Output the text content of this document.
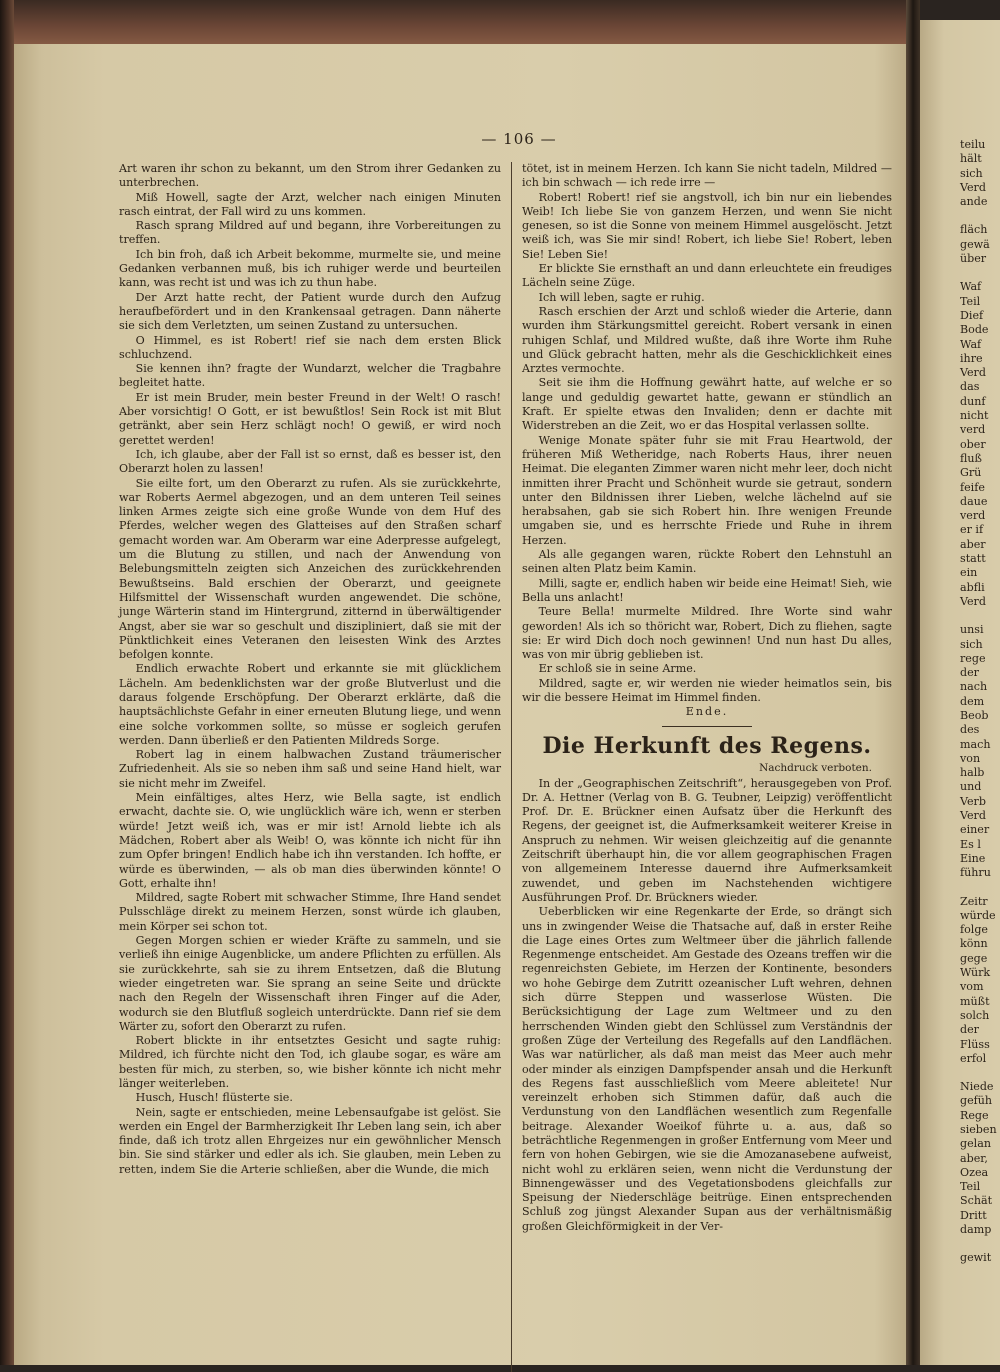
— 106 —

Art waren ihr schon zu bekannt, um den Strom ihrer Gedanken zu unterbrechen.

Miß Howell, sagte der Arzt, welcher nach einigen Minuten rasch eintrat, der Fall wird zu uns kommen.

Rasch sprang Mildred auf und begann, ihre Vorbereitungen zu treffen.

Ich bin froh, daß ich Arbeit bekomme, murmelte sie, und meine Gedanken verbannen muß, bis ich ruhiger werde und beurteilen kann, was recht ist und was ich zu thun habe.

Der Arzt hatte recht, der Patient wurde durch den Aufzug heraufbefördert und in den Krankensaal getragen. Dann näherte sie sich dem Verletzten, um seinen Zustand zu untersuchen.

O Himmel, es ist Robert! rief sie nach dem ersten Blick schluchzend.

Sie kennen ihn? fragte der Wundarzt, welcher die Tragbahre begleitet hatte.

Er ist mein Bruder, mein bester Freund in der Welt! O rasch! Aber vorsichtig! O Gott, er ist bewußtlos! Sein Rock ist mit Blut getränkt, aber sein Herz schlägt noch! O gewiß, er wird noch gerettet werden!

Ich, ich glaube, aber der Fall ist so ernst, daß es besser ist, den Oberarzt holen zu lassen!

Sie eilte fort, um den Oberarzt zu rufen. Als sie zurückkehrte, war Roberts Aermel abgezogen, und an dem unteren Teil seines linken Armes zeigte sich eine große Wunde von dem Huf des Pferdes, welcher wegen des Glatteises auf den Straßen scharf gemacht worden war. Am Oberarm war eine Aderpresse aufgelegt, um die Blutung zu stillen, und nach der Anwendung von Belebungsmitteln zeigten sich Anzeichen des zurückkehrenden Bewußtseins. Bald erschien der Oberarzt, und geeignete Hilfsmittel der Wissenschaft wurden angewendet. Die schöne, junge Wärterin stand im Hintergrund, zitternd in überwältigender Angst, aber sie war so geschult und diszipliniert, daß sie mit der Pünktlichkeit eines Veteranen den leisesten Wink des Arztes befolgen konnte.

Endlich erwachte Robert und erkannte sie mit glücklichem Lächeln. Am bedenklichsten war der große Blutverlust und die daraus folgende Erschöpfung. Der Oberarzt erklärte, daß die hauptsächlichste Gefahr in einer erneuten Blutung liege, und wenn eine solche vorkommen sollte, so müsse er sogleich gerufen werden. Dann überließ er den Patienten Mildreds Sorge.

Robert lag in einem halbwachen Zustand träumerischer Zufriedenheit. Als sie so neben ihm saß und seine Hand hielt, war sie nicht mehr im Zweifel.

Mein einfältiges, altes Herz, wie Bella sagte, ist endlich erwacht, dachte sie. O, wie unglücklich wäre ich, wenn er sterben würde! Jetzt weiß ich, was er mir ist! Arnold liebte ich als Mädchen, Robert aber als Weib! O, was könnte ich nicht für ihn zum Opfer bringen! Endlich habe ich ihn verstanden. Ich hoffte, er würde es überwinden, — als ob man dies überwinden könnte! O Gott, erhalte ihn!

Mildred, sagte Robert mit schwacher Stimme, Ihre Hand sendet Pulsschläge direkt zu meinem Herzen, sonst würde ich glauben, mein Körper sei schon tot.

Gegen Morgen schien er wieder Kräfte zu sammeln, und sie verließ ihn einige Augenblicke, um andere Pflichten zu erfüllen. Als sie zurückkehrte, sah sie zu ihrem Entsetzen, daß die Blutung wieder eingetreten war. Sie sprang an seine Seite und drückte nach den Regeln der Wissenschaft ihren Finger auf die Ader, wodurch sie den Blutfluß sogleich unterdrückte. Dann rief sie dem Wärter zu, sofort den Oberarzt zu rufen.

Robert blickte in ihr entsetztes Gesicht und sagte ruhig: Mildred, ich fürchte nicht den Tod, ich glaube sogar, es wäre am besten für mich, zu sterben, so, wie bisher könnte ich nicht mehr länger weiterleben.

Husch, Husch! flüsterte sie.

Nein, sagte er entschieden, meine Lebensaufgabe ist gelöst. Sie werden ein Engel der Barmherzigkeit Ihr Leben lang sein, ich aber finde, daß ich trotz allen Ehrgeizes nur ein gewöhnlicher Mensch bin. Sie sind stärker und edler als ich. Sie glauben, mein Leben zu retten, indem Sie die Arterie schließen, aber die Wunde, die mich

tötet, ist in meinem Herzen. Ich kann Sie nicht tadeln, Mildred — ich bin schwach — ich rede irre —

Robert! Robert! rief sie angstvoll, ich bin nur ein liebendes Weib! Ich liebe Sie von ganzem Herzen, und wenn Sie nicht genesen, so ist die Sonne von meinem Himmel ausgelöscht. Jetzt weiß ich, was Sie mir sind! Robert, ich liebe Sie! Robert, leben Sie! Leben Sie!

Er blickte Sie ernsthaft an und dann erleuchtete ein freudiges Lächeln seine Züge.

Ich will leben, sagte er ruhig.

Rasch erschien der Arzt und schloß wieder die Arterie, dann wurden ihm Stärkungsmittel gereicht. Robert versank in einen ruhigen Schlaf, und Mildred wußte, daß ihre Worte ihm Ruhe und Glück gebracht hatten, mehr als die Geschicklichkeit eines Arztes vermochte.

Seit sie ihm die Hoffnung gewährt hatte, auf welche er so lange und geduldig gewartet hatte, gewann er stündlich an Kraft. Er spielte etwas den Invaliden; denn er dachte mit Widerstreben an die Zeit, wo er das Hospital verlassen sollte.

Wenige Monate später fuhr sie mit Frau Heartwold, der früheren Miß Wetheridge, nach Roberts Haus, ihrer neuen Heimat. Die eleganten Zimmer waren nicht mehr leer, doch nicht inmitten ihrer Pracht und Schönheit wurde sie getraut, sondern unter den Bildnissen ihrer Lieben, welche lächelnd auf sie herabsahen, gab sie sich Robert hin. Ihre wenigen Freunde umgaben sie, und es herrschte Friede und Ruhe in ihrem Herzen.

Als alle gegangen waren, rückte Robert den Lehnstuhl an seinen alten Platz beim Kamin.

Milli, sagte er, endlich haben wir beide eine Heimat! Sieh, wie Bella uns anlacht!

Teure Bella! murmelte Mildred. Ihre Worte sind wahr geworden! Als ich so thöricht war, Robert, Dich zu fliehen, sagte sie: Er wird Dich doch noch gewinnen! Und nun hast Du alles, was von mir übrig geblieben ist.

Er schloß sie in seine Arme.

Mildred, sagte er, wir werden nie wieder heimatlos sein, bis wir die bessere Heimat im Himmel finden.

Ende.

Die Herkunft des Regens.
Nachdruck verboten.

In der „Geographischen Zeitschrift“, herausgegeben von Prof. Dr. A. Hettner (Verlag von B. G. Teubner, Leipzig) veröffentlicht Prof. Dr. E. Brückner einen Aufsatz über die Herkunft des Regens, der geeignet ist, die Aufmerksamkeit weiterer Kreise in Anspruch zu nehmen. Wir weisen gleichzeitig auf die genannte Zeitschrift überhaupt hin, die vor allem geographischen Fragen von allgemeinem Interesse dauernd ihre Aufmerksamkeit zuwendet, und geben im Nachstehenden wichtigere Ausführungen Prof. Dr. Brückners wieder.

Ueberblicken wir eine Regenkarte der Erde, so drängt sich uns in zwingender Weise die Thatsache auf, daß in erster Reihe die Lage eines Ortes zum Weltmeer über die jährlich fallende Regenmenge entscheidet. Am Gestade des Ozeans treffen wir die regenreichsten Gebiete, im Herzen der Kontinente, besonders wo hohe Gebirge dem Zutritt ozeanischer Luft wehren, dehnen sich dürre Steppen und wasserlose Wüsten. Die Berücksichtigung der Lage zum Weltmeer und zu den herrschenden Winden giebt den Schlüssel zum Verständnis der großen Züge der Verteilung des Regefalls auf den Landflächen. Was war natürlicher, als daß man meist das Meer auch mehr oder minder als einzigen Dampfspender ansah und die Herkunft des Regens fast ausschließlich vom Meere ableitete! Nur vereinzelt erhoben sich Stimmen dafür, daß auch die Verdunstung von den Landflächen wesentlich zum Regenfalle beitrage. Alexander Woeikof führte u. a. aus, daß so beträchtliche Regenmengen in großer Entfernung vom Meer und fern von hohen Gebirgen, wie sie die Amozanasebene aufweist, nicht wohl zu erklären seien, wenn nicht die Verdunstung der Binnengewässer und des Vegetationsbodens gleichfalls zur Speisung der Niederschläge beitrüge. Einen entsprechenden Schluß zog jüngst Alexander Supan aus der verhältnismäßig großen Gleichförmigkeit in der Ver-

teilu

hält

sich

Verd

ande

fläch

gewä

über

Waf

Teil

Dief

Bode

Waf

ihre

Verd

das

dunf

nicht

verd

ober

fluß

Grü

feife

daue

verd

er if

aber

statt

ein

abfli

Verd

unsi

sich

rege

der

nach

dem

Beob

des

mach

von

halb

und

Verb

Verd

einer

Es l

Eine

führu

Zeitr

würde

folge

könn

gege

Würk

vom

müßt

solch

der

Flüss

erfol

Niede

gefüh

Rege

sieben

gelan

aber,

Ozea

Teil

Schät

Dritt

damp

gewit
